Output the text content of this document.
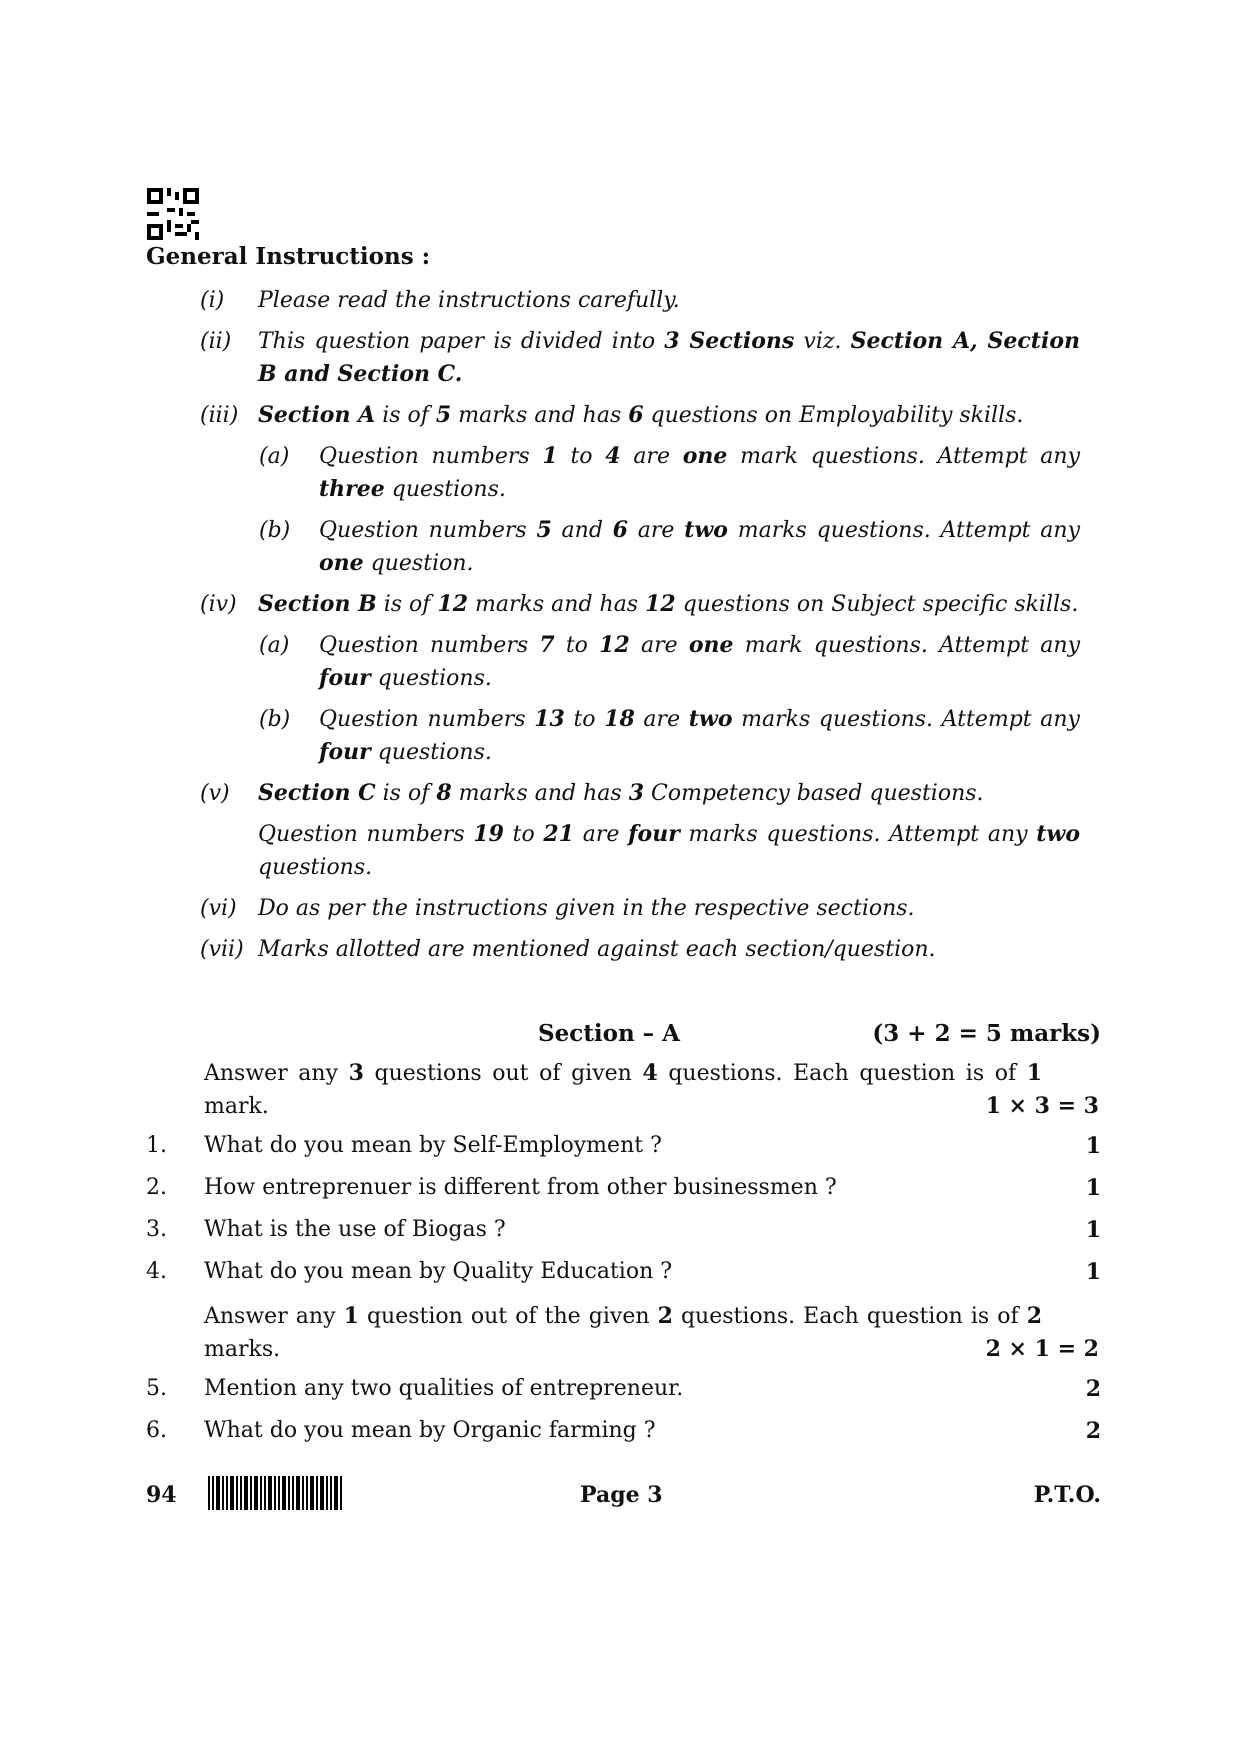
General Instructions :
(i) Please read the instructions carefully.
(ii) This question paper is divided into 3 Sections viz. Section A, Section B and Section C.
(iii) Section A is of 5 marks and has 6 questions on Employability skills.
(a) Question numbers 1 to 4 are one mark questions. Attempt any three questions.
(b) Question numbers 5 and 6 are two marks questions. Attempt any one question.
(iv) Section B is of 12 marks and has 12 questions on Subject specific skills.
(a) Question numbers 7 to 12 are one mark questions. Attempt any four questions.
(b) Question numbers 13 to 18 are two marks questions. Attempt any four questions.
(v) Section C is of 8 marks and has 3 Competency based questions.
Question numbers 19 to 21 are four marks questions. Attempt any two questions.
(vi) Do as per the instructions given in the respective sections.
(vii) Marks allotted are mentioned against each section/question.
Section – A	(3 + 2 = 5 marks)
Answer any 3 questions out of given 4 questions. Each question is of 1 mark.	1 × 3 = 3
Answer any 1 question out of the given 2 questions. Each question is of 2 marks.	2 × 1 = 2
1. What do you mean by Self-Employment ?	1
2. How entreprenuer is different from other businessmen ?	1
3. What is the use of Biogas ?	1
4. What do you mean by Quality Education ?	1
5. Mention any two qualities of entrepreneur.	2
6. What do you mean by Organic farming ?	2
94	Page 3	P.T.O.
